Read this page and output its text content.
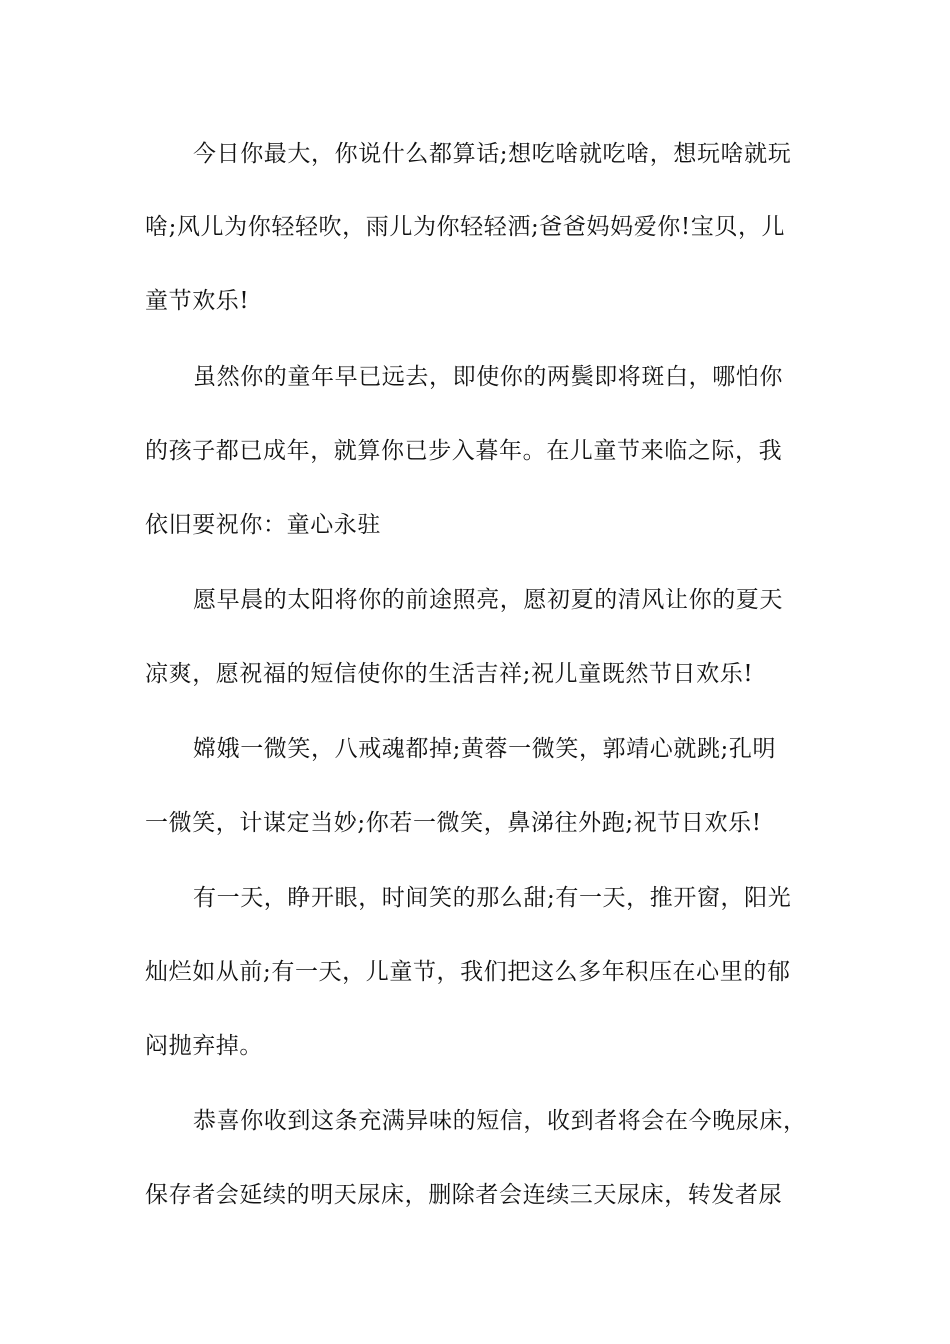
今日你最大，你说什么都算话;想吃啥就吃啥，想玩啥就玩
啥;风儿为你轻轻吹，雨儿为你轻轻洒;爸爸妈妈爱你!宝贝，儿
童节欢乐!
虽然你的童年早已远去，即使你的两鬓即将斑白，哪怕你
的孩子都已成年，就算你已步入暮年。在儿童节来临之际，我
依旧要祝你：童心永驻
愿早晨的太阳将你的前途照亮，愿初夏的清风让你的夏天
凉爽，愿祝福的短信使你的生活吉祥;祝儿童既然节日欢乐!
嫦娥一微笑，八戒魂都掉;黄蓉一微笑，郭靖心就跳;孔明
一微笑，计谋定当妙;你若一微笑，鼻涕往外跑;祝节日欢乐!
有一天，睁开眼，时间笑的那么甜;有一天，推开窗，阳光
灿烂如从前;有一天，儿童节，我们把这么多年积压在心里的郁
闷抛弃掉。
恭喜你收到这条充满异味的短信，收到者将会在今晚尿床，
保存者会延续的明天尿床，删除者会连续三天尿床，转发者尿
